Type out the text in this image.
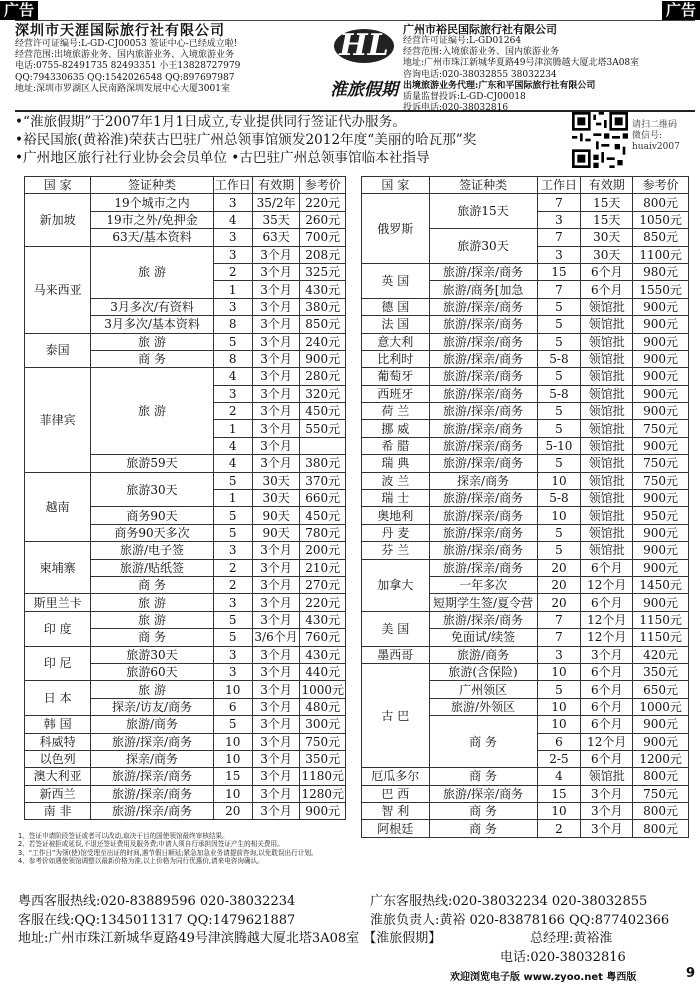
广告	广告
深圳市天涯国际旅行社有限公司
经营许可证编号:L-GD-CJ00053 签证中心-已经成立啦!
经营范围:出境旅游业务、国内旅游业务、入境旅游业务
电话:0755-82491735 82493351 小王13828727979
QQ:794330635 QQ:1542026548 QQ:897697987
地址:深圳市罗湖区人民南路深圳发展中心大厦3001室
HL
淮旅假期
广州市裕民国际旅行社有限公司
经营许可证编号:L-GD01264
经营范围:入境旅游业务、国内旅游业务
地址:广州市珠江新城华夏路49号津滨腾越大厦北塔3A08室
咨询电话:020-38032855 38032234
出境旅游业务代理:广东和平国际旅行社有限公司
质量监督投诉:L-GD-CJ00018
投诉电话:020-38032816
•“淮旅假期”于2007年1月1日成立,专业提供同行签证代办服务。
•裕民国旅(黄裕淮)荣获古巴驻广州总领事馆颁发2012年度“美丽的哈瓦那”奖
•广州地区旅行社行业协会会员单位 •古巴驻广州总领事馆临本社指导
请扫二维码
微信号:
huaiv2007
国 家	签证种类	工作日	有效期	参考价
新加坡	19个城市之内	3	35/2年	220元
	19市之外/免押金	4	35天	260元
	63天/基本资料	3	63天	700元
马来西亚	旅 游	3	3个月	208元
		2	3个月	325元
		1	3个月	430元
	3月多次/有资料	3	3个月	380元
	3月多次/基本资料	8	3个月	850元
泰国	旅 游	5	3个月	240元
	商 务	8	3个月	900元
菲律宾	旅 游	4	3个月	280元
		3	3个月	320元
		2	3个月	450元
		1	3个月	550元
		4	3个月	
	旅游59天	4	3个月	380元
越南	旅游30天	5	30天	370元
		1	30天	660元
	商务90天	5	90天	450元
	商务90天多次	5	90天	780元
柬埔寨	旅游/电子签	3	3个月	200元
	旅游/贴纸签	2	3个月	210元
	商 务	2	3个月	270元
斯里兰卡	旅 游	3	3个月	220元
印 度	旅 游	5	3个月	430元
	商 务	5	3/6个月	760元
印 尼	旅游30天	3	3个月	430元
	旅游60天	3	3个月	440元
日 本	旅 游	10	3个月	1000元
	探亲/访友/商务	6	3个月	480元
韩 国	旅游/商务	5	3个月	300元
科威特	旅游/探亲/商务	10	3个月	750元
以色列	探亲/商务	10	3个月	350元
澳大利亚	旅游/探亲/商务	15	3个月	1180元
新西兰	旅游/探亲/商务	10	3个月	1280元
南 非	旅游/探亲/商务	20	3个月	900元
国 家	签证种类	工作日	有效期	参考价
俄罗斯	旅游15天	7	15天	800元
		3	15天	1050元
	旅游30天	7	30天	850元
		3	30天	1100元
英 国	旅游/探亲/商务	15	6个月	980元
	旅游/商务[加急	7	6个月	1550元
德 国	旅游/探亲/商务	5	领馆批	900元
法 国	旅游/探亲/商务	5	领馆批	900元
意大利	旅游/探亲/商务	5	领馆批	900元
比利时	旅游/探亲/商务	5-8	领馆批	900元
葡萄牙	旅游/探亲/商务	5	领馆批	900元
西班牙	旅游/探亲/商务	5-8	领馆批	900元
荷 兰	旅游/探亲/商务	5	领馆批	900元
挪 威	旅游/探亲/商务	5	领馆批	750元
希 腊	旅游/探亲/商务	5-10	领馆批	900元
瑞 典	旅游/探亲/商务	5	领馆批	750元
波 兰	探亲/商务	10	领馆批	750元
瑞 士	旅游/探亲/商务	5-8	领馆批	900元
奥地利	旅游/探亲/商务	10	领馆批	950元
丹 麦	旅游/探亲/商务	5	领馆批	900元
芬 兰	旅游/探亲/商务	5	领馆批	900元
加拿大	旅游/探亲/商务	20	6个月	900元
	一年多次	20	12个月	1450元
	短期学生签/夏令营	20	6个月	900元
美 国	旅游/探亲/商务	7	12个月	1150元
	免面试/续签	7	12个月	1150元
墨西哥	旅游/商务	3	3个月	420元
古 巴	旅游(含保险)	10	6个月	350元
	广州领区	5	6个月	650元
	旅游/外领区	10	6个月	1000元
	商 务	10	6个月	900元
		6	12个月	900元
		2-5	6个月	1200元
厄瓜多尔	商 务	4	领馆批	800元
巴 西	旅游/探亲/商务	15	3个月	750元
智 利	商 务	10	3个月	800元
阿根廷	商 务	2	3个月	800元
1、签证申请阶段签证或者可以改动,取决于目的国使领馆最终审核结果。
2、若签证被拒或延误,不退还签证费用及服务费;申请人须自行承担因签证产生的相关费用。
3、“工作日”为领(使)馆受理至出证的时间,遇节假日顺延;紧急加急业务请提前咨询,以免耽误出行计划。
4、参考价如遇使领馆调整以最新价格为准,以上价格为同行优惠价,请来电咨询确认。
粤西客服热线:020-83889596 020-38032234	广东客服热线:020-38032234 020-38032855
客服在线:QQ:1345011317 QQ:1479621887	淮旅负责人:黄裕 020-83878166 QQ:877402366
地址:广州市珠江新城华夏路49号津滨腾越大厦北塔3A08室 【淮旅假期】	总经理:黄裕淮
电话:020-38032816
欢迎浏览电子版 www.zyoo.net 粤西版	9
